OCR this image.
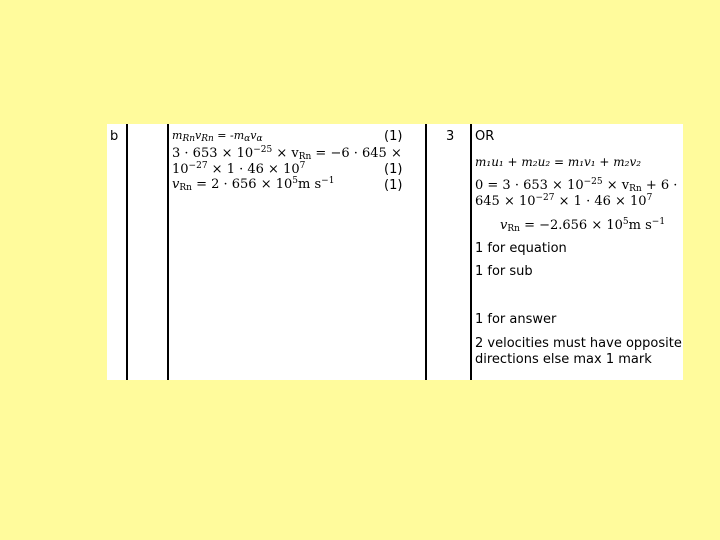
b	$m_{Rn}v_{Rn} = -m_\alpha v_\alpha$
$3 \cdot 653 \times 10^{-25} \times v_{Rn} = -6 \cdot 645$ ×
$10^{-27} \times 1 \cdot 46 \times 10^7$
$v_{Rn} = 2 \cdot 656 \times 10^5m$ $s^{-1}$
(1)
(1)
(1)
3 OR
m₁u₁ + m₂u₂ = m₁v₁ + m₂v₂
$0 = 3 \cdot 653 \times 10^{-25} \times v_{Rn} + 6$ ·
$645 \times 10^{-27} \times 1 \cdot 46 \times 10^7$
$v_{Rn} = -2.656 \times 10^5m$ $s^{-1}$
1 for equation
1 for sub
1 for answer
2 velocities must have opposite
directions else max 1 mark
